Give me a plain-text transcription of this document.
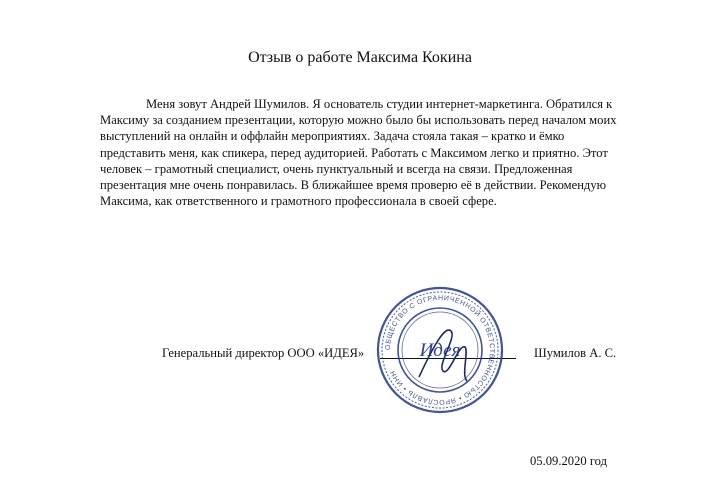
Отзыв о работе Максима Кокина

Меня зовут Андрей Шумилов. Я основатель студии интернет-маркетинга. Обратился к Максиму за созданием презентации, которую можно было бы использовать перед началом моих выступлений на онлайн и оффлайн мероприятиях. Задача стояла такая – кратко и ёмко представить меня, как спикера, перед аудиторией. Работать с Максимом легко и приятно. Этот человек – грамотный специалист, очень пунктуальный и всегда на связи. Предложенная презентация мне очень понравилась. В ближайшее время проверю её в действии. Рекомендую Максима, как ответственного и грамотного профессионала в своей сфере.

Генеральный директор ООО «ИДЕЯ»	Шумилов А. С.
ОБЩЕСТВО С ОГРАНИЧЕННОЙ ОТВЕТСТВЕННОСТЬЮ • ЯРОСЛАВЛЬ • ИНН
Идея
05.09.2020 год
